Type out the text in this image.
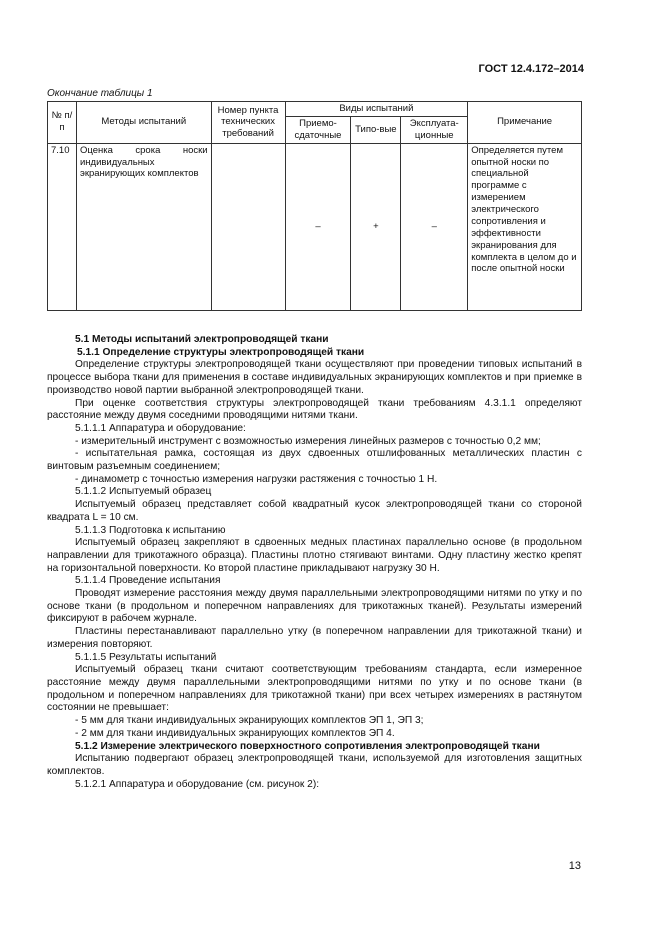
ГОСТ 12.4.172–2014
Окончание таблицы 1
№ п/п	Методы испытаний	Номер пункта технических требований	Виды испытаний			Примечание
			Приемо-сдаточные	Типо-вые	Эксплуата-ционные	
7.10	Оценка срока носки индивидуальных экранирующих комплектов		–	+	–	Определяется путем опытной носки по специальной программе с измерением электрического сопротивления и эффективности экранирования для комплекта в целом до и после опытной носки

5.1 Методы испытаний электропроводящей ткани

5.1.1 Определение структуры электропроводящей ткани

Определение структуры электропроводящей ткани осуществляют при проведении типовых испытаний в процессе выбора ткани для применения в составе индивидуальных экранирующих комплектов и при приемке в производство новой партии выбранной электропроводящей ткани.

При оценке соответствия структуры электропроводящей ткани требованиям 4.3.1.1 определяют расстояние между двумя соседними проводящими нитями ткани.

5.1.1.1 Аппаратура и оборудование:

- измерительный инструмент с возможностью измерения линейных размеров с точностью 0,2 мм;

- испытательная рамка, состоящая из двух сдвоенных отшлифованных металлических пластин с винтовым разъемным соединением;

- динамометр с точностью измерения нагрузки растяжения с точностью 1 Н.

5.1.1.2 Испытуемый образец

Испытуемый образец представляет собой квадратный кусок электропроводящей ткани со стороной квадрата L = 10 см.

5.1.1.3 Подготовка к испытанию

Испытуемый образец закрепляют в сдвоенных медных пластинах параллельно основе (в продольном направлении для трикотажного образца). Пластины плотно стягивают винтами. Одну пластину жестко крепят на горизонтальной поверхности. Ко второй пластине прикладывают нагрузку 30 Н.

5.1.1.4 Проведение испытания

Проводят измерение расстояния между двумя параллельными электропроводящими нитями по утку и по основе ткани (в продольном и поперечном направлениях для трикотажных тканей). Результаты измерений фиксируют в рабочем журнале.

Пластины перестанавливают параллельно утку (в поперечном направлении для трикотажной ткани) и измерения повторяют.

5.1.1.5 Результаты испытаний

Испытуемый образец ткани считают соответствующим требованиям стандарта, если измеренное расстояние между двумя параллельными электропроводящими нитями по утку и по основе ткани (в продольном и поперечном направлениях для трикотажной ткани) при всех четырех измерениях в растянутом состоянии не превышает:

- 5 мм для ткани индивидуальных экранирующих комплектов ЭП 1, ЭП 3;

- 2 мм для ткани индивидуальных экранирующих комплектов ЭП 4.

5.1.2 Измерение электрического поверхностного сопротивления электропроводящей ткани

Испытанию подвергают образец электропроводящей ткани, используемой для изготовления защитных комплектов.

5.1.2.1 Аппаратура и оборудование (см. рисунок 2):

13
